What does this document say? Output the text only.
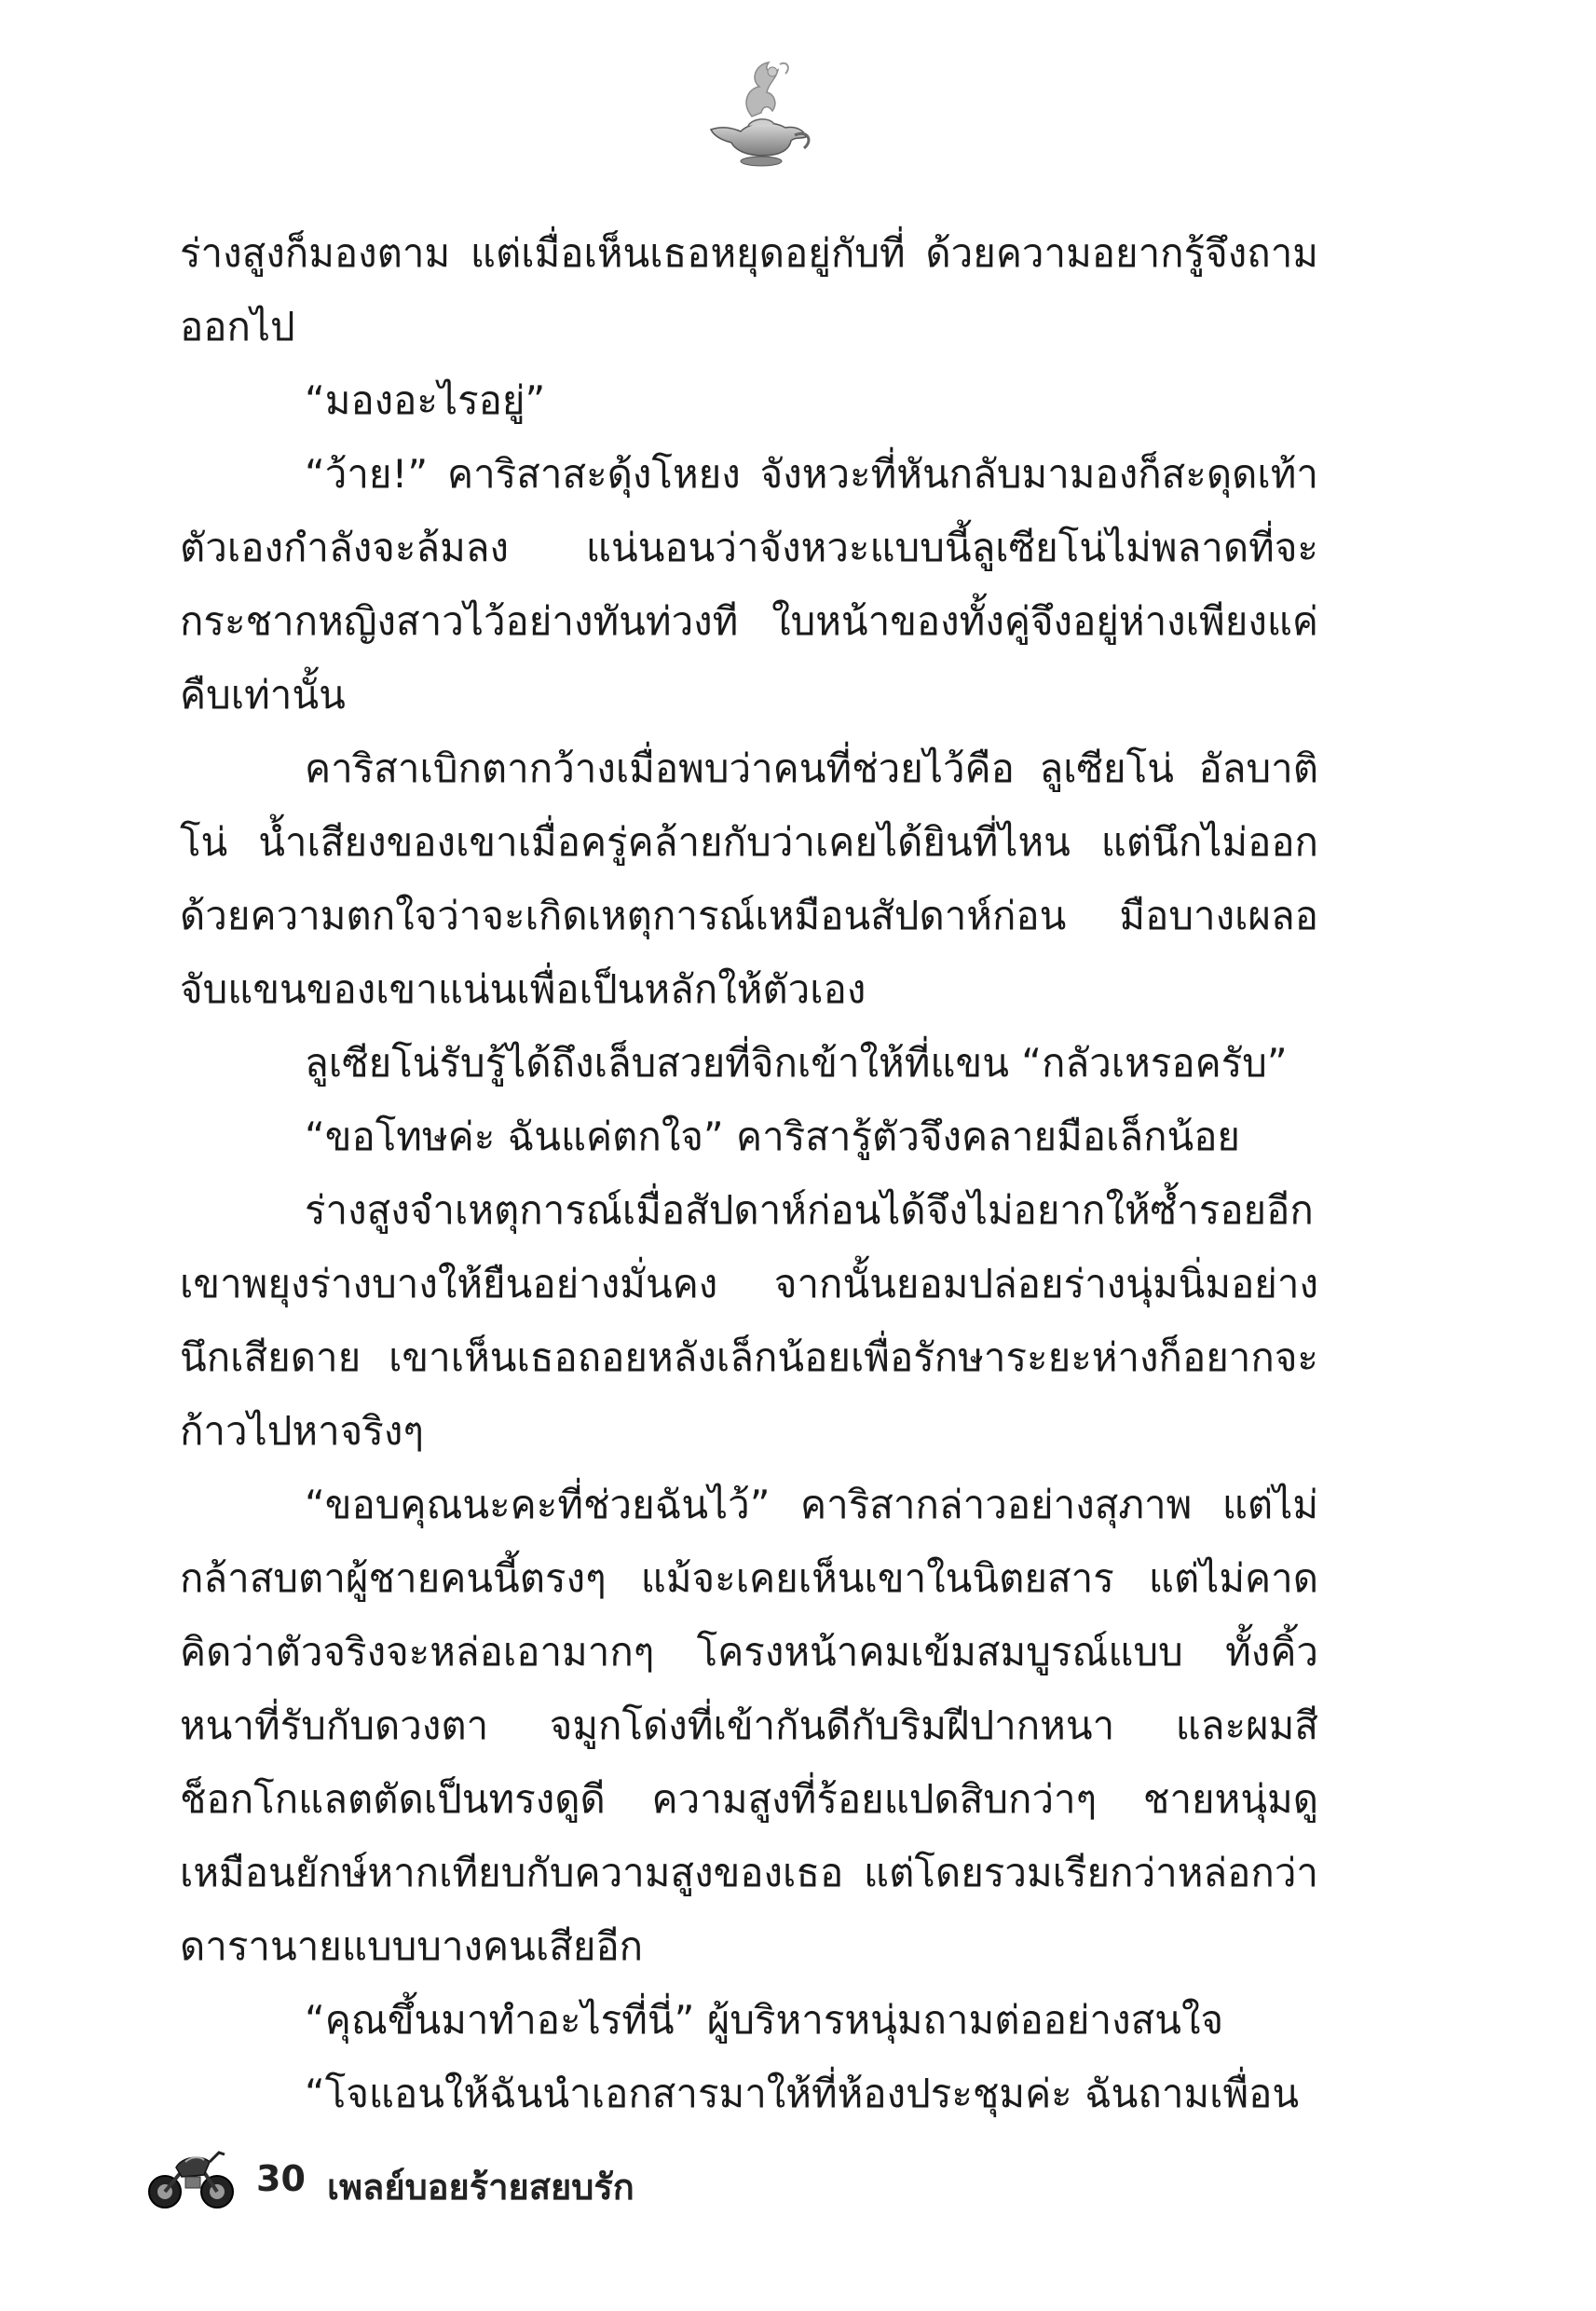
ร่างสูงก็มองตาม แต่เมื่อเห็นเธอหยุดอยู่กับที่ ด้วยความอยากรู้จึงถามออกไป

“มองอะไรอยู่”

“ว้าย!” คาริสาสะดุ้งโหยง จังหวะที่หันกลับมามองก็สะดุดเท้าตัวเองกำลังจะล้มลง แน่นอนว่าจังหวะแบบนี้ลูเซียโน่ไม่พลาดที่จะกระชากหญิงสาวไว้อย่างทันท่วงที ใบหน้าของทั้งคู่จึงอยู่ห่างเพียงแค่คืบเท่านั้น

คาริสาเบิกตากว้างเมื่อพบว่าคนที่ช่วยไว้คือ ลูเซียโน่ อัลบาติโน่ น้ำเสียงของเขาเมื่อครู่คล้ายกับว่าเคยได้ยินที่ไหน แต่นึกไม่ออก ด้วยความตกใจว่าจะเกิดเหตุการณ์เหมือนสัปดาห์ก่อน มือบางเผลอจับแขนของเขาแน่นเพื่อเป็นหลักให้ตัวเอง

ลูเซียโน่รับรู้ได้ถึงเล็บสวยที่จิกเข้าให้ที่แขน “กลัวเหรอครับ”

“ขอโทษค่ะ ฉันแค่ตกใจ” คาริสารู้ตัวจึงคลายมือเล็กน้อย

ร่างสูงจำเหตุการณ์เมื่อสัปดาห์ก่อนได้จึงไม่อยากให้ซ้ำรอยอีก เขาพยุงร่างบางให้ยืนอย่างมั่นคง จากนั้นยอมปล่อยร่างนุ่มนิ่มอย่างนึกเสียดาย เขาเห็นเธอถอยหลังเล็กน้อยเพื่อรักษาระยะห่างก็อยากจะก้าวไปหาจริงๆ

“ขอบคุณนะคะที่ช่วยฉันไว้” คาริสากล่าวอย่างสุภาพ แต่ไม่กล้าสบตาผู้ชายคนนี้ตรงๆ แม้จะเคยเห็นเขาในนิตยสาร แต่ไม่คาดคิดว่าตัวจริงจะหล่อเอามากๆ โครงหน้าคมเข้มสมบูรณ์แบบ ทั้งคิ้วหนาที่รับกับดวงตา จมูกโด่งที่เข้ากันดีกับริมฝีปากหนา และผมสีช็อกโกแลตตัดเป็นทรงดูดี ความสูงที่ร้อยแปดสิบกว่าๆ ชายหนุ่มดูเหมือนยักษ์หากเทียบกับความสูงของเธอ แต่โดยรวมเรียกว่าหล่อกว่าดารานายแบบบางคนเสียอีก

“คุณขึ้นมาทำอะไรที่นี่” ผู้บริหารหนุ่มถามต่ออย่างสนใจ

“โจแอนให้ฉันนำเอกสารมาให้ที่ห้องประชุมค่ะ ฉันถามเพื่อน

30 เพลย์บอยร้ายสยบรัก
